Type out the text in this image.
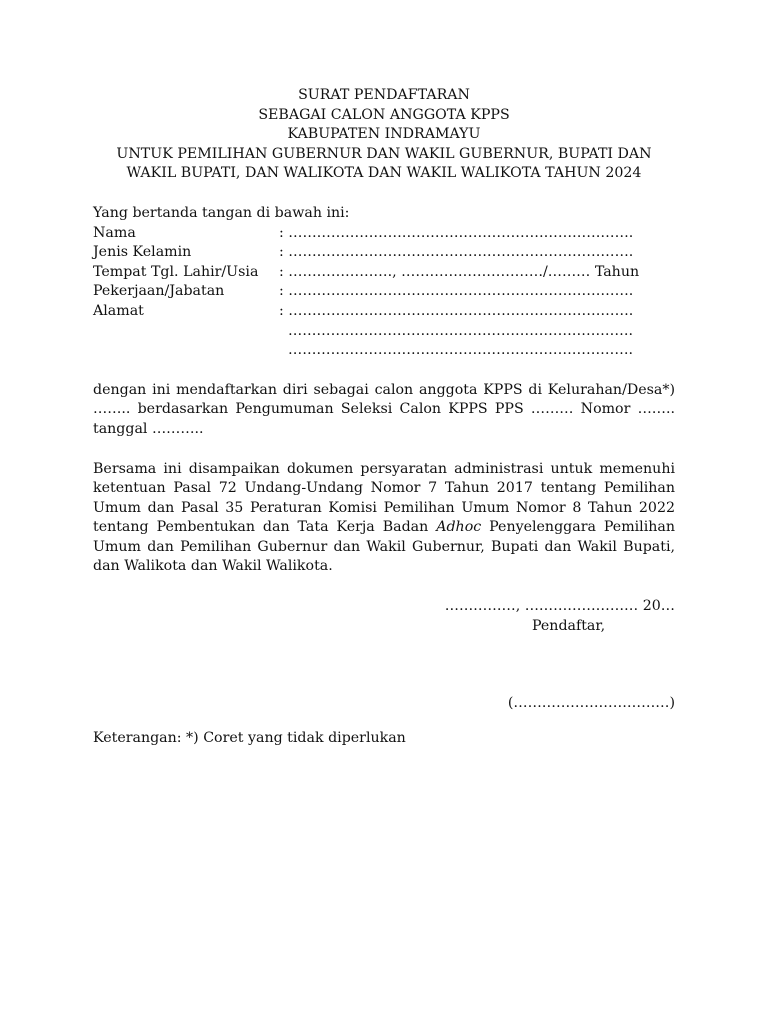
SURAT PENDAFTARAN
SEBAGAI CALON ANGGOTA KPPS
KABUPATEN INDRAMAYU
UNTUK PEMILIHAN GUBERNUR DAN WAKIL GUBERNUR, BUPATI DAN
WAKIL BUPATI, DAN WALIKOTA DAN WAKIL WALIKOTA TAHUN 2024

Yang bertanda tangan di bawah ini:

Nama	: ……………………………………………………………….
Jenis Kelamin	: ……………………………………………………………….
Tempat Tgl. Lahir/Usia	: …………………., …………………………/……… Tahun
Pekerjaan/Jabatan	: ……………………………………………………………….
Alamat	: ……………………………………………………………….
……………………………………………………………….
……………………………………………………………….

dengan ini mendaftarkan diri sebagai calon anggota KPPS di Kelurahan/Desa*) …….. berdasarkan Pengumuman Seleksi Calon KPPS PPS ……… Nomor …….. tanggal ………..

Bersama ini disampaikan dokumen persyaratan administrasi untuk memenuhi ketentuan Pasal 72 Undang-Undang Nomor 7 Tahun 2017 tentang Pemilihan Umum dan Pasal 35 Peraturan Komisi Pemilihan Umum Nomor 8 Tahun 2022 tentang Pembentukan dan Tata Kerja Badan Adhoc Penyelenggara Pemilihan Umum dan Pemilihan Gubernur dan Wakil Gubernur, Bupati dan Wakil Bupati, dan Walikota dan Wakil Walikota.

……………, …………………… 20…
Pendaftar,
(……………………………)
Keterangan: *) Coret yang tidak diperlukan
